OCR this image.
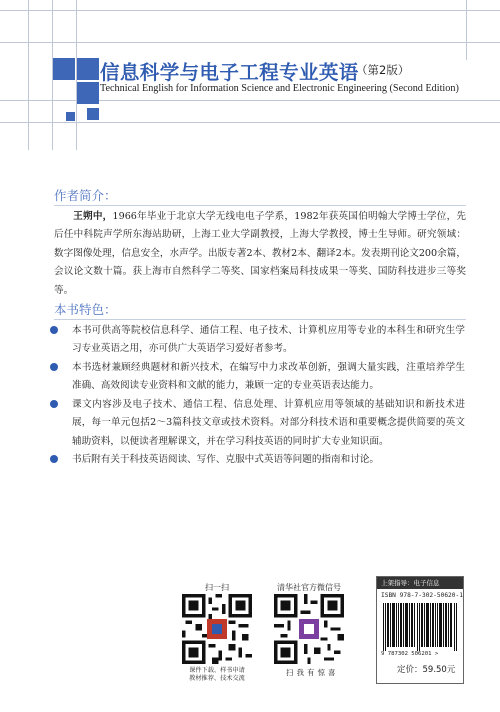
信息科学与电子工程专业英语
（第2版）
Technical English for Information Science and Electronic Engineering (Second Edition)
作者简介：
王朔中，1966年毕业于北京大学无线电电子学系，1982年获英国伯明翰大学博士学位，先后任中科院声学所东海站助研，上海工业大学副教授，上海大学教授，博士生导师。研究领域：数字图像处理，信息安全，水声学。出版专著2本、教材2本、翻译2本。发表期刊论文200余篇，会议论文数十篇。获上海市自然科学二等奖、国家档案局科技成果一等奖、国防科技进步三等奖等。
本书特色：
本书可供高等院校信息科学、通信工程、电子技术、计算机应用等专业的本科生和研究生学习专业英语之用，亦可供广大英语学习爱好者参考。
本书选材兼顾经典题材和新兴技术，在编写中力求改革创新，强调大量实践，注重培养学生准确、高效阅读专业资料和文献的能力，兼顾一定的专业英语表达能力。
课文内容涉及电子技术、通信工程、信息处理、计算机应用等领域的基础知识和新技术进展，每一单元包括2～3篇科技文章或技术资料。对部分科技术语和重要概念提供简要的英文辅助资料，以便读者理解课文，并在学习科技英语的同时扩大专业知识面。
书后附有关于科技英语阅读、写作、克服中式英语等问题的指南和讨论。
扫一扫
课件下载、样书申请
教材推荐、技术交流
清华社官方微信号
扫我有惊喜
上架指导：电子信息
ISBN 978-7-302-50620-1
9 787302 506201 >
定价：59.50元
